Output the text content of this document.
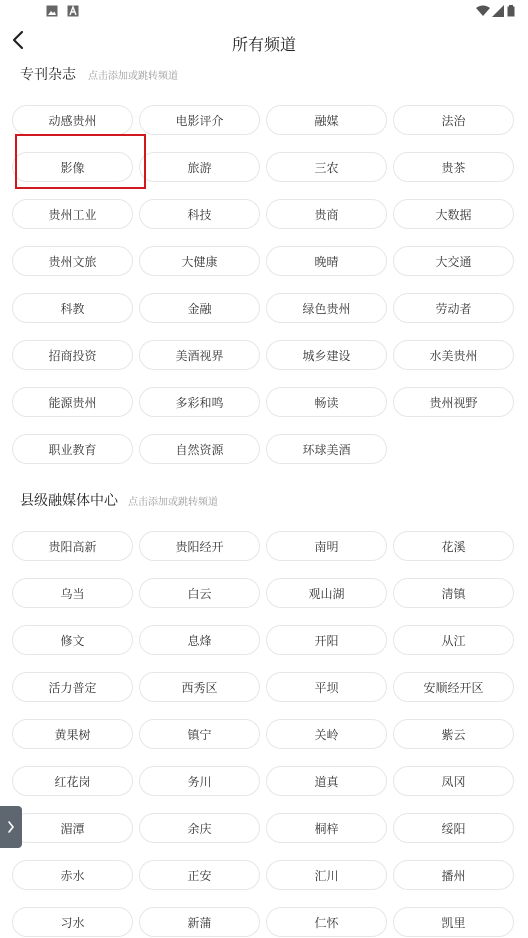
所有频道
专刊杂志 点击添加或跳转频道
动感贵州	电影评介	融媒	法治
影像	旅游	三农	贵茶
贵州工业	科技	贵商	大数据
贵州文旅	大健康	晚晴	大交通
科教	金融	绿色贵州	劳动者
招商投资	美酒视界	城乡建设	水美贵州
能源贵州	多彩和鸣	畅读	贵州视野
职业教育	自然资源	环球美酒
县级融媒体中心 点击添加或跳转频道
贵阳高新	贵阳经开	南明	花溪
乌当	白云	观山湖	清镇
修文	息烽	开阳	从江
活力普定	西秀区	平坝	安顺经开区
黄果树	镇宁	关岭	紫云
红花岗	务川	道真	凤冈
湄潭	余庆	桐梓	绥阳
赤水	正安	汇川	播州
习水	新蒲	仁怀	凯里
